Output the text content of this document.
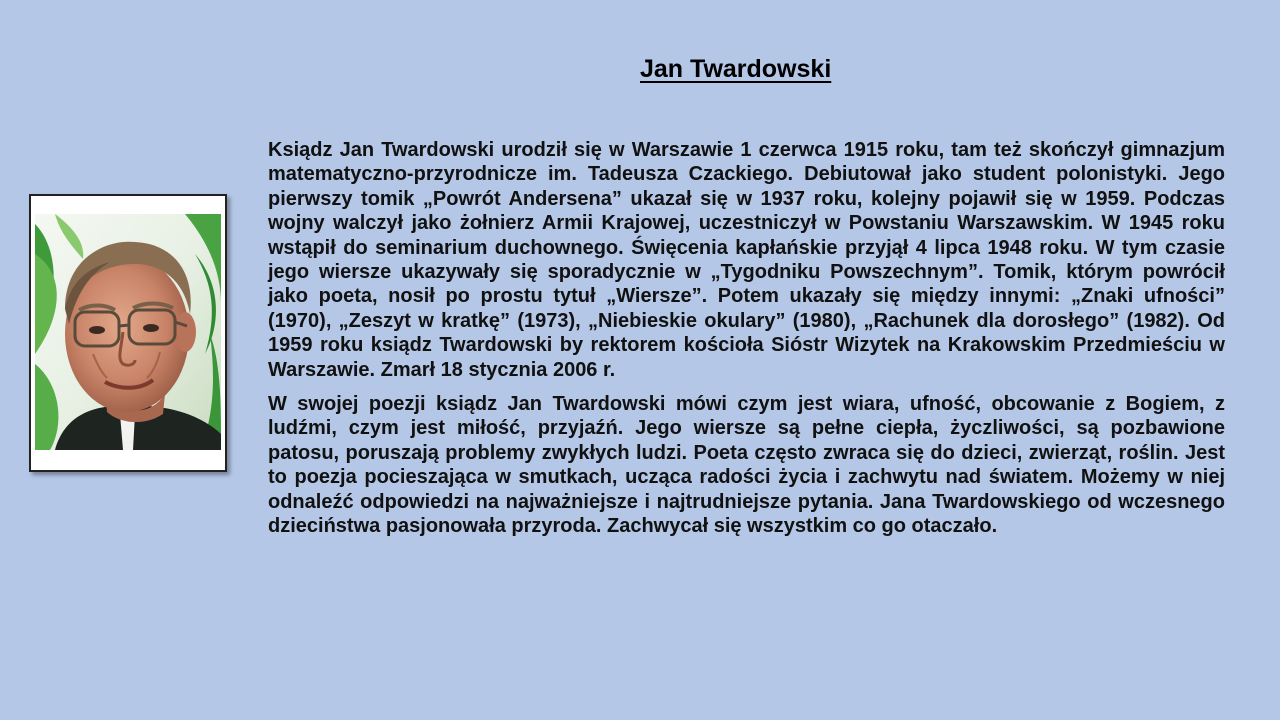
Jan Twardowski

Ksiądz Jan Twardowski urodził się w Warszawie 1 czerwca 1915 roku, tam też skończył gimnazjum matematyczno-przyrodnicze im. Tadeusza Czackiego. Debiutował jako student polonistyki. Jego pierwszy tomik „Powrót Andersena” ukazał się w 1937 roku, kolejny pojawił się w 1959. Podczas wojny walczył jako żołnierz Armii Krajowej, uczestniczył w Powstaniu Warszawskim. W 1945 roku wstąpił do seminarium duchownego. Święcenia kapłańskie przyjął 4 lipca 1948 roku. W tym czasie jego wiersze ukazywały się sporadycznie w „Tygodniku Powszechnym”. Tomik, którym powrócił jako poeta, nosił po prostu tytuł „Wiersze”. Potem ukazały się między innymi: „Znaki ufności” (1970), „Zeszyt w kratkę” (1973), „Niebieskie okulary” (1980), „Rachunek dla dorosłego” (1982). Od 1959 roku ksiądz Twardowski by rektorem kościoła Sióstr Wizytek na Krakowskim Przedmieściu w Warszawie. Zmarł 18 stycznia 2006 r.

W swojej poezji ksiądz Jan Twardowski mówi czym jest wiara, ufność, obcowanie z Bogiem, z ludźmi, czym jest miłość, przyjaźń. Jego wiersze są pełne ciepła, życzliwości, są pozbawione patosu, poruszają problemy zwykłych ludzi. Poeta często zwraca się do dzieci, zwierząt, roślin. Jest to poezja pocieszająca w smutkach, ucząca radości życia i zachwytu nad światem. Możemy w niej odnaleźć odpowiedzi na najważniejsze i najtrudniejsze pytania. Jana Twardowskiego od wczesnego dzieciństwa pasjonowała przyroda. Zachwycał się wszystkim co go otaczało.
